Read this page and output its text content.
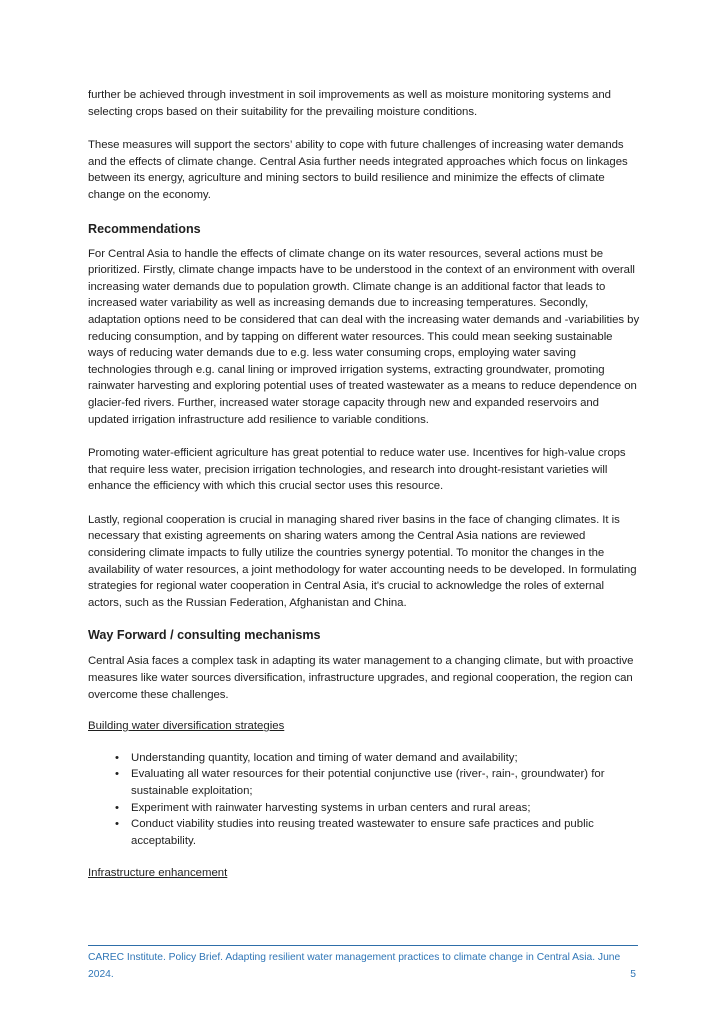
further be achieved through investment in soil improvements as well as moisture monitoring systems and selecting crops based on their suitability for the prevailing moisture conditions.

These measures will support the sectors’ ability to cope with future challenges of increasing water demands and the effects of climate change. Central Asia further needs integrated approaches which focus on linkages between its energy, agriculture and mining sectors to build resilience and minimize the effects of climate change on the economy.

Recommendations

For Central Asia to handle the effects of climate change on its water resources, several actions must be prioritized. Firstly, climate change impacts have to be understood in the context of an environment with overall increasing water demands due to population growth. Climate change is an additional factor that leads to increased water variability as well as increasing demands due to increasing temperatures. Secondly, adaptation options need to be considered that can deal with the increasing water demands and -variabilities by reducing consumption, and by tapping on different water resources. This could mean seeking sustainable ways of reducing water demands due to e.g. less water consuming crops, employing water saving technologies through e.g. canal lining or improved irrigation systems, extracting groundwater, promoting rainwater harvesting and exploring potential uses of treated wastewater as a means to reduce dependence on glacier-fed rivers. Further, increased water storage capacity through new and expanded reservoirs and updated irrigation infrastructure add resilience to variable conditions.

Promoting water-efficient agriculture has great potential to reduce water use. Incentives for high-value crops that require less water, precision irrigation technologies, and research into drought-resistant varieties will enhance the efficiency with which this crucial sector uses this resource.

Lastly, regional cooperation is crucial in managing shared river basins in the face of changing climates. It is necessary that existing agreements on sharing waters among the Central Asia nations are reviewed considering climate impacts to fully utilize the countries synergy potential. To monitor the changes in the availability of water resources, a joint methodology for water accounting needs to be developed. In formulating strategies for regional water cooperation in Central Asia, it's crucial to acknowledge the roles of external actors, such as the Russian Federation, Afghanistan and China.

Way Forward / consulting mechanisms

Central Asia faces a complex task in adapting its water management to a changing climate, but with proactive measures like water sources diversification, infrastructure upgrades, and regional cooperation, the region can overcome these challenges.

Building water diversification strategies
• Understanding quantity, location and timing of water demand and availability;
• Evaluating all water resources for their potential conjunctive use (river-, rain-, groundwater) for sustainable exploitation;
• Experiment with rainwater harvesting systems in urban centers and rural areas;
• Conduct viability studies into reusing treated wastewater to ensure safe practices and public acceptability.
Infrastructure enhancement
CAREC Institute. Policy Brief. Adapting resilient water management practices to climate change in Central Asia. June 2024.	5
